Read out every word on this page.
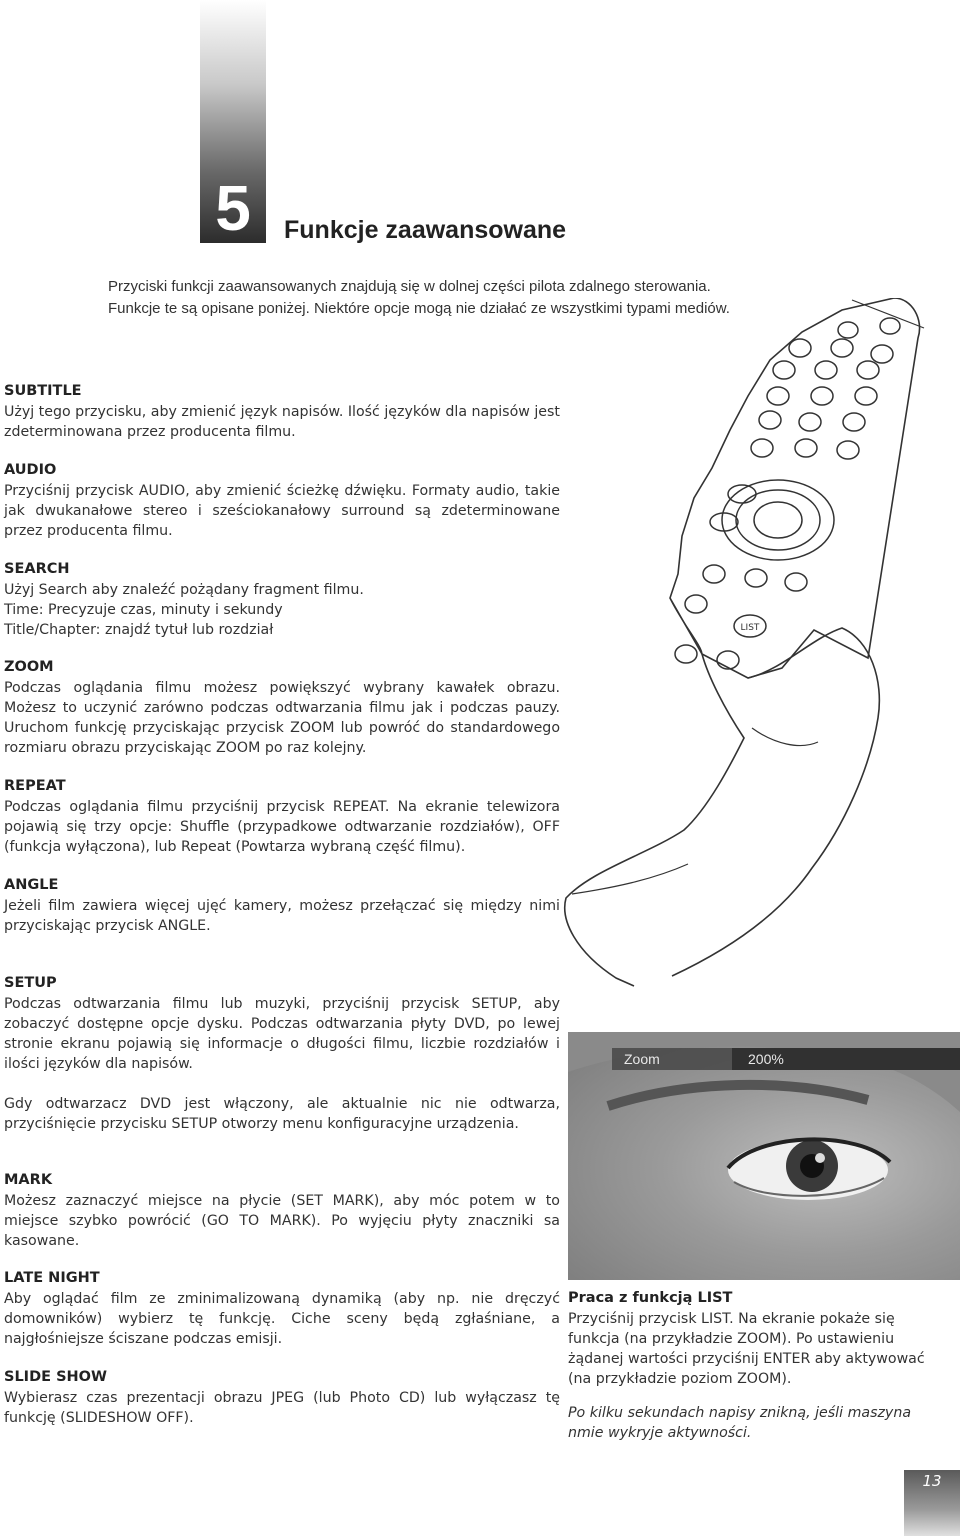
5	Funkcje zaawansowane

Przyciski funkcji zaawansowanych znajdują się w dolnej części pilota zdalnego sterowania.

Funkcje te są opisane poniżej. Niektóre opcje mogą nie działać ze wszystkimi typami mediów.

LIST
Zoom	200%
SUBTITLE

Użyj tego przycisku, aby zmienić język napisów. Ilość języków dla napisów jest zdeterminowana przez producenta filmu.

AUDIO

Przyciśnij przycisk AUDIO, aby zmienić ścieżkę dźwięku. Formaty audio, takie jak dwukanałowe stereo i sześciokanałowy surround są zdeterminowane przez producenta filmu.

SEARCH

Użyj Search aby znaleźć pożądany fragment filmu.

Time: Precyzuje czas, minuty i sekundy

Title/Chapter: znajdź tytuł lub rozdział

ZOOM

Podczas oglądania filmu możesz powiększyć wybrany kawałek obrazu. Możesz to uczynić zarówno podczas odtwarzania filmu jak i podczas pauzy. Uruchom funkcję przyciskając przycisk ZOOM lub powróć do standardowego rozmiaru obrazu przyciskając ZOOM po raz kolejny.

REPEAT

Podczas oglądania filmu przyciśnij przycisk REPEAT. Na ekranie telewizora pojawią się trzy opcje: Shuffle (przypadkowe odtwarzanie rozdziałów), OFF (funkcja wyłączona), lub Repeat (Powtarza wybraną część filmu).

ANGLE

Jeżeli film zawiera więcej ujęć kamery, możesz przełączać się między nimi przyciskając przycisk ANGLE.

SETUP

Podczas odtwarzania filmu lub muzyki, przyciśnij przycisk SETUP, aby zobaczyć dostępne opcje dysku. Podczas odtwarzania płyty DVD, po lewej stronie ekranu pojawią się informacje o długości filmu, liczbie rozdziałów i ilości języków dla napisów.

Gdy odtwarzacz DVD jest włączony, ale aktualnie nic nie odtwarza, przyciśnięcie przycisku SETUP otworzy menu konfiguracyjne urządzenia.

MARK

Możesz zaznaczyć miejsce na płycie (SET MARK), aby móc potem w to miejsce szybko powrócić (GO TO MARK). Po wyjęciu płyty znaczniki sa kasowane.

LATE NIGHT

Aby oglądać film ze zminimalizowaną dynamiką (aby np. nie dręczyć domowników) wybierz tę funkcję. Ciche sceny będą zgłaśniane, a najgłośniejsze ściszane podczas emisji.

SLIDE SHOW

Wybierasz czas prezentacji obrazu JPEG (lub Photo CD) lub wyłączasz tę funkcję (SLIDESHOW OFF).

Praca z funkcją LIST

Przyciśnij przycisk LIST. Na ekranie pokaże się funkcja (na przykładzie ZOOM). Po ustawieniu żądanej wartości przyciśnij ENTER aby aktywować (na przykładzie poziom ZOOM).

Po kilku sekundach napisy znikną, jeśli maszyna nmie wykryje aktywności.

13
